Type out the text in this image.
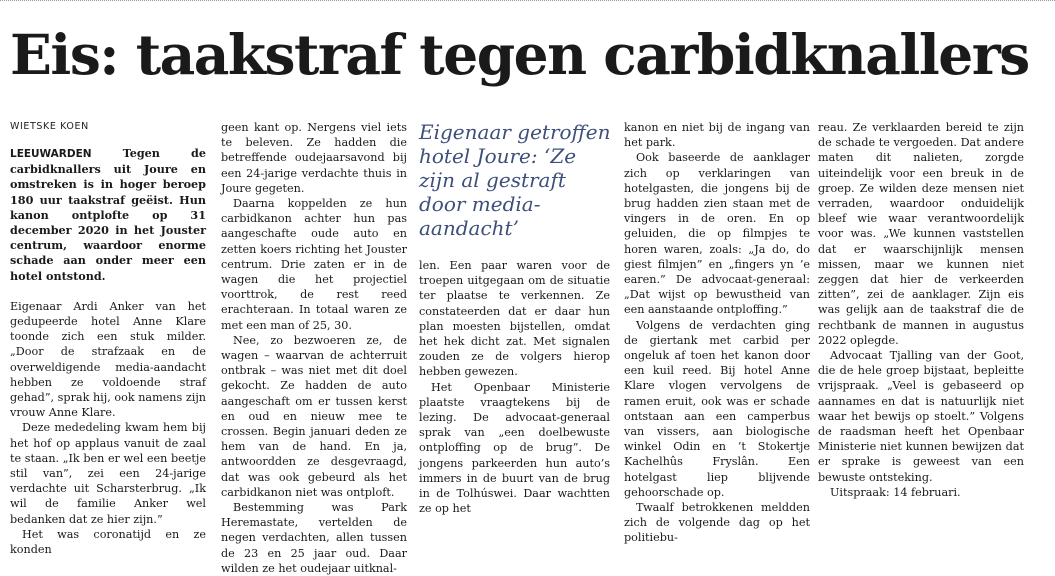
Eis: taakstraf tegen carbidknallers
WIETSKE KOEN

LEEUWARDEN Tegen de carbidknallers uit Joure en omstreken is in hoger beroep 180 uur taakstraf geëist. Hun kanon ontplofte op 31 december 2020 in het Jouster centrum, waardoor enorme schade aan onder meer een hotel ontstond.

Eigenaar Ardi Anker van het gedupeerde hotel Anne Klare toonde zich een stuk milder. „Door de strafzaak en de overweldigende media-aandacht hebben ze voldoende straf gehad”, sprak hij, ook namens zijn vrouw Anne Klare.

Deze mededeling kwam hem bij het hof op applaus vanuit de zaal te staan. „Ik ben er wel een beetje stil van”, zei een 24-jarige verdachte uit Scharsterbrug. „Ik wil de familie Anker wel bedanken dat ze hier zijn.”

Het was coronatijd en ze konden

geen kant op. Nergens viel iets te beleven. Ze hadden die betreffende oudejaarsavond bij een 24-jarige verdachte thuis in Joure gegeten.

Daarna koppelden ze hun carbidkanon achter hun pas aangeschafte oude auto en zetten koers richting het Jouster centrum. Drie zaten er in de wagen die het projectiel voorttrok, de rest reed erachteraan. In totaal waren ze met een man of 25, 30.

Nee, zo bezwoeren ze, de wagen – waarvan de achterruit ontbrak – was niet met dit doel gekocht. Ze hadden de auto aangeschaft om er tussen kerst en oud en nieuw mee te crossen. Begin januari deden ze hem van de hand. En ja, antwoordden ze desgevraagd, dat was ook gebeurd als het carbidkanon niet was ontploft.

Bestemming was Park Heremastate, vertelden de negen verdachten, allen tussen de 23 en 25 jaar oud. Daar wilden ze het oudejaar uitknal-

Eigenaar getroffen hotel Joure: ‘Ze zijn al gestraft door media-aandacht’

len. Een paar waren voor de troepen uitgegaan om de situatie ter plaatse te verkennen. Ze constateerden dat er daar hun plan moesten bijstellen, omdat het hek dicht zat. Met signalen zouden ze de volgers hierop hebben gewezen.

Het Openbaar Ministerie plaatste vraagtekens bij de lezing. De advocaat-generaal sprak van „een doelbewuste ontploffing op de brug”. De jongens parkeerden hun auto’s immers in de buurt van de brug in de Tolhúswei. Daar wachtten ze op het

kanon en niet bij de ingang van het park.

Ook baseerde de aanklager zich op verklaringen van hotelgasten, die jongens bij de brug hadden zien staan met de vingers in de oren. En op geluiden, die op filmpjes te horen waren, zoals: „Ja do, do giest filmjen” en „fingers yn ’e earen.” De advocaat-generaal: „Dat wijst op bewustheid van een aanstaande ontploffing.”

Volgens de verdachten ging de giertank met carbid per ongeluk af toen het kanon door een kuil reed. Bij hotel Anne Klare vlogen vervolgens de ramen eruit, ook was er schade ontstaan aan een camperbus van vissers, aan biologische winkel Odin en ’t Stokertje Kachelhûs Fryslân. Een hotelgast liep blijvende gehoorschade op.

Twaalf betrokkenen meldden zich de volgende dag op het politiebu-

reau. Ze verklaarden bereid te zijn de schade te vergoeden. Dat andere maten dit nalieten, zorgde uiteindelijk voor een breuk in de groep. Ze wilden deze mensen niet verraden, waardoor onduidelijk bleef wie waar verantwoordelijk voor was. „We kunnen vaststellen dat er waarschijnlijk mensen missen, maar we kunnen niet zeggen dat hier de verkeerden zitten”, zei de aanklager. Zijn eis was gelijk aan de taakstraf die de rechtbank de mannen in augustus 2022 oplegde.

Advocaat Tjalling van der Goot, die de hele groep bijstaat, bepleitte vrijspraak. „Veel is gebaseerd op aannames en dat is natuurlijk niet waar het bewijs op stoelt.” Volgens de raadsman heeft het Openbaar Ministerie niet kunnen bewijzen dat er sprake is geweest van een bewuste ontsteking.

Uitspraak: 14 februari.
